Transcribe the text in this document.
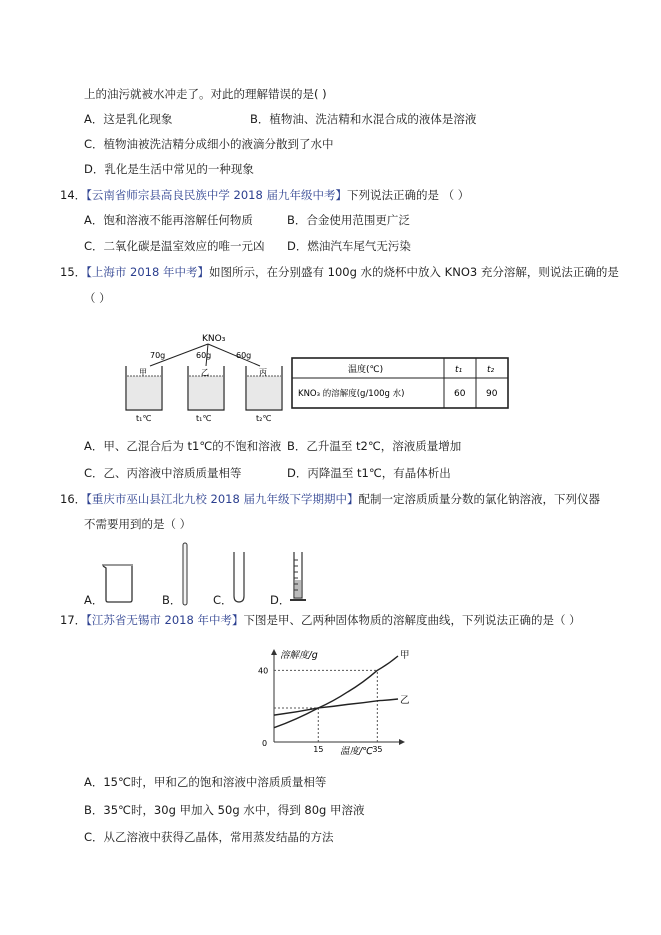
上的油污就被水冲走了。对此的理解错误的是( )
A．这是乳化现象	B．植物油、洗洁精和水混合成的液体是溶液
C．植物油被洗洁精分成细小的液滴分散到了水中
D．乳化是生活中常见的一种现象
14．【云南省师宗县高良民族中学 2018 届九年级中考】下列说法正确的是 （ ）
A．饱和溶液不能再溶解任何物质	B．合金使用范围更广泛
C．二氧化碳是温室效应的唯一元凶 D．燃油汽车尾气无污染
15．【上海市 2018 年中考】如图所示，在分别盛有 100g 水的烧杯中放入 KNO3 充分溶解，则说法正确的是
（ ）
KNO₃
70g	60g	60g
甲
t₁℃
乙
t₁℃
丙
t₂℃
温度(℃)	t₁	t₂
KNO₃ 的溶解度(g/100g 水)	60 90
A．甲、乙混合后为 t1℃的不饱和溶液 B．乙升温至 t2℃，溶液质量增加
C．乙、丙溶液中溶质质量相等	D．丙降温至 t1℃，有晶体析出
16．【重庆市巫山县江北九校 2018 届九年级下学期期中】配制一定溶质质量分数的氯化钠溶液，下列仪器
不需要用到的是（ ）
A．	B．	C．	D．
17．【江苏省无锡市 2018 年中考】下图是甲、乙两种固体物质的溶解度曲线，下列说法正确的是（ ）
溶解度/g
0
40
15	35
甲
乙
温度/℃
A．15℃时，甲和乙的饱和溶液中溶质质量相等
B．35℃时，30g 甲加入 50g 水中，得到 80g 甲溶液
C．从乙溶液中获得乙晶体，常用蒸发结晶的方法
